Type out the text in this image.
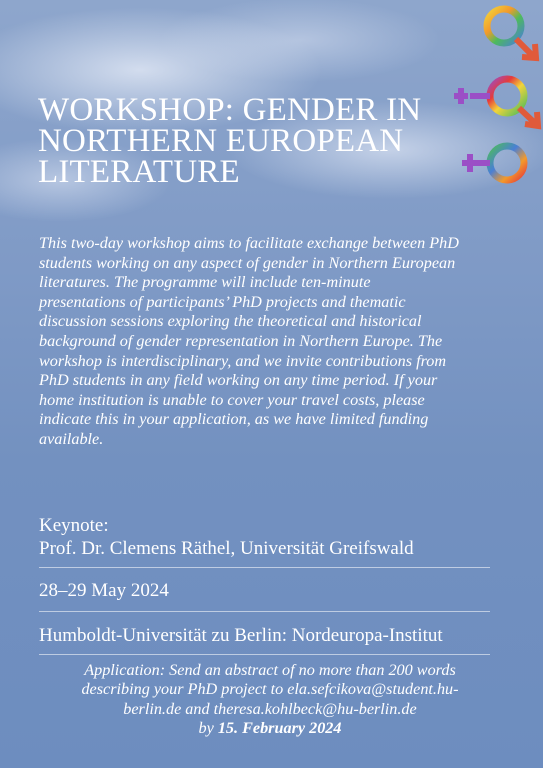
WORKSHOP: GENDER IN
NORTHERN EUROPEAN
LITERATURE

This two-day workshop aims to facilitate exchange between PhD students working on any aspect of gender in Northern European literatures. The programme will include ten-minute presentations of participants’ PhD projects and thematic discussion sessions exploring the theoretical and historical background of gender representation in Northern Europe. The workshop is interdisciplinary, and we invite contributions from PhD students in any field working on any time period. If your home institution is unable to cover your travel costs, please indicate this in your application, as we have limited funding available.

Keynote:
Prof. Dr. Clemens Räthel, Universität Greifswald
28–29 May 2024
Humboldt-Universität zu Berlin: Nordeuropa-Institut
Application: Send an abstract of no more than 200 words
describing your PhD project to ela.sefcikova@student.hu-
berlin.de and theresa.kohlbeck@hu-berlin.de
by 15. February 2024
